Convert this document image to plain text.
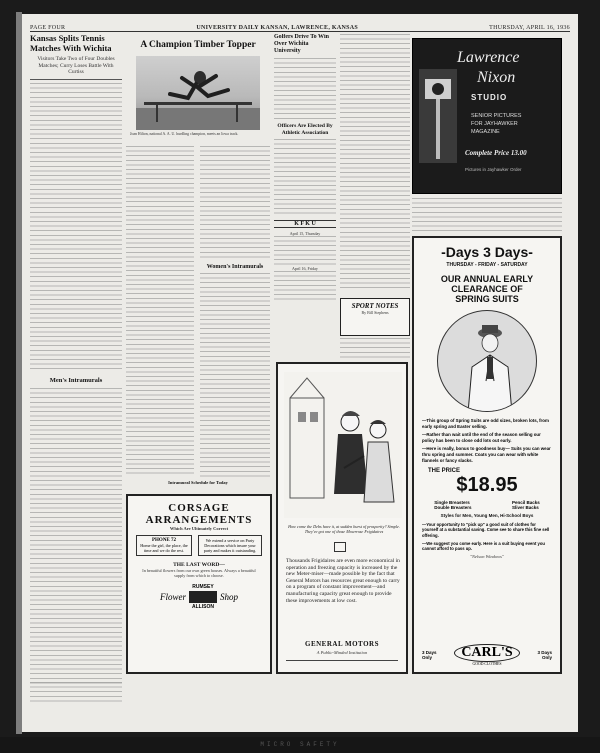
PAGE FOUR	UNIVERSITY DAILY KANSAN, LAWRENCE, KANSAS	THURSDAY, APRIL 16, 1936
Kansas Splits Tennis Matches With Wichita
Visitors Take Two of Four Doubles Matches; Curry Loses Battle With Curtiss
Men's Intramurals
A Champion Timber Topper
Joan Hilton, national A. A. U. hurdling champion, meets an Iowa track.
Women's Intramurals
Intramural Schedule for Today
Golfers Drive To Win Over Wichita University
Officers Are Elected By Athletic Association
K F K U
April 15, Thursday
April 16, Friday
SPORT NOTES
By Bill Stephens
Lawrence
Nixon
STUDIO
SENIOR PICTURES
FOR JAYHAWKER
MAGAZINE
Complete Price 13.00
Pictures in Jayhawker Order
-Days 3 Days-
THURSDAY - FRIDAY - SATURDAY
OUR ANNUAL EARLY
CLEARANCE OF
SPRING SUITS
—This group of Spring Suits are odd sizes, broken lots, from early spring and Easter selling.
—Rather than wait until the end of the season selling our policy has been to close odd lots out early.
—Here is really, bonus to goodness buy— Suits you can wear thru spring and summer. Coats you can wear with white flannels or fancy slacks.
THE PRICE
$18.95
Single Breasters
Double Breasters
Pencil Backs
Sliver Backs
Styles for Men, Young Men, Hi-School Boys
—Your opportunity to "pick up" a good suit of clothes for yourself at a substantial saving. Come see to share this fine sell offering.
—We suggest you come early. Here is a suit buying event you cannot afford to pass up.
"Nelson Windows"
3 Days Only	CARL'S
GOOD CLOTHES
3 Days Only
CORSAGE
ARRANGEMENTS
Which Are Ultimately Correct
PHONE 72
Home the girl, the place, the time and we do the rest.
We extend a service on Party Decorations which insure your party and makes it outstanding.
THE LAST WORD—
In beautiful flowers from our own green houses. Always a beautiful supply from which to choose.
Flower
RUMSEY
ALLISON
Shop
How come the Debs have it, at sudden burst of prosperity? Simple. They've got one of those Mowrrose Frigidaires
Thousands Frigidaires are even more economical in operation and freezing capacity is increased by the new Meter-miser—made possible by the fact that General Motors has resources great enough to carry on a program of constant improvement—and manufacturing capacity great enough to provide these improvements at low cost.
GENERAL MOTORS
A Public-Minded Institution
MICRO SAFETY
